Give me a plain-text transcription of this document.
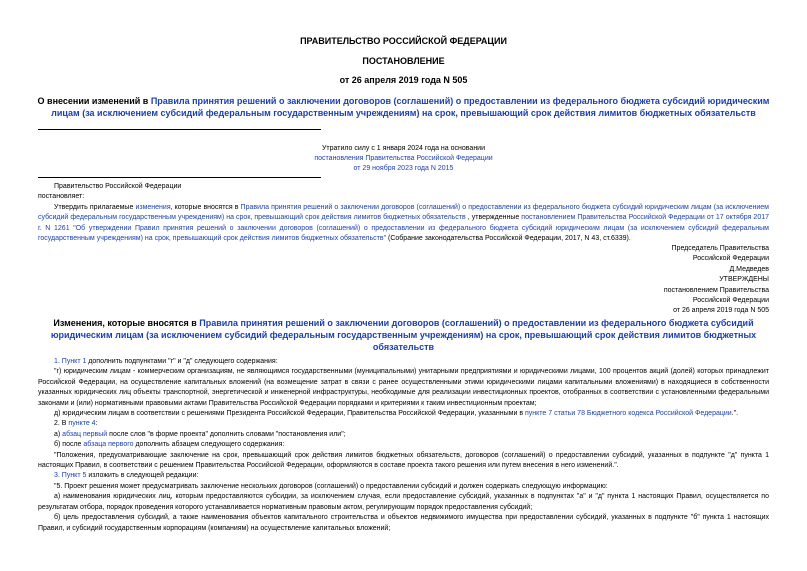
ПРАВИТЕЛЬСТВО РОССИЙСКОЙ ФЕДЕРАЦИИ
ПОСТАНОВЛЕНИЕ
от 26 апреля 2019 года N 505
О внесении изменений в Правила принятия решений о заключении договоров (соглашений) о предоставлении из федерального бюджета субсидий юридическим лицам (за исключением субсидий федеральным государственным учреждениям) на срок, превышающий срок действия лимитов бюджетных обязательств
Утратило силу с 1 января 2024 года на основании
постановления Правительства Российской Федерации
от 29 ноября 2023 года N 2015

Правительство Российской Федерации

постановляет:

Утвердить прилагаемые изменения, которые вносятся в Правила принятия решений о заключении договоров (соглашений) о предоставлении из федерального бюджета субсидий юридическим лицам (за исключением субсидий федеральным государственным учреждениям) на срок, превышающий срок действия лимитов бюджетных обязательств , утвержденные постановлением Правительства Российской Федерации от 17 октября 2017 г. N 1261 "Об утверждении Правил принятия решений о заключении договоров (соглашений) о предоставлении из федерального бюджета субсидий юридическим лицам (за исключением субсидий федеральным государственным учреждениям) на срок, превышающий срок действия лимитов бюджетных обязательств" (Собрание законодательства Российской Федерации, 2017, N 43, ст.6339).

Председатель Правительства
Российской Федерации
Д.Медведев
УТВЕРЖДЕНЫ
постановлением Правительства
Российской Федерации
от 26 апреля 2019 года N 505
Изменения, которые вносятся в Правила принятия решений о заключении договоров (соглашений) о предоставлении из федерального бюджета субсидий юридическим лицам (за исключением субсидий федеральным государственным учреждениям) на срок, превышающий срок действия лимитов бюджетных обязательств

1. Пункт 1 дополнить подпунктами "г" и "д" следующего содержания:

"г) юридическим лицам - коммерческим организациям, не являющимся государственными (муниципальными) унитарными предприятиями и юридическими лицами, 100 процентов акций (долей) которых принадлежит Российской Федерации, на осуществление капитальных вложений (на возмещение затрат в связи с ранее осуществленными этими юридическими лицами капитальными вложениями) в находящиеся в собственности указанных юридических лиц объекты транспортной, энергетической и инженерной инфраструктуры, необходимые для реализации инвестиционных проектов, отобранных в соответствии с установленными федеральными законами и (или) нормативными правовыми актами Правительства Российской Федерации порядками и критериями к таким инвестиционным проектам;

д) юридическим лицам в соответствии с решениями Президента Российской Федерации, Правительства Российской Федерации, указанными в пункте 7 статьи 78 Бюджетного кодекса Российской Федерации.".

2. В пункте 4:

а) абзац первый после слов "в форме проекта" дополнить словами "постановления или";

б) после абзаца первого дополнить абзацем следующего содержания:

"Положения, предусматривающие заключение на срок, превышающий срок действия лимитов бюджетных обязательств, договоров (соглашений) о предоставлении субсидий, указанных в подпункте "д" пункта 1 настоящих Правил, в соответствии с решением Правительства Российской Федерации, оформляются в составе проекта такого решения или путем внесения в него изменений.".

3. Пункт 5 изложить в следующей редакции:

"5. Проект решения может предусматривать заключение нескольких договоров (соглашений) о предоставлении субсидий и должен содержать следующую информацию:

а) наименования юридических лиц, которым предоставляются субсидии, за исключением случая, если предоставление субсидий, указанных в подпунктах "а" и "д" пункта 1 настоящих Правил, осуществляется по результатам отбора, порядок проведения которого устанавливается нормативным правовым актом, регулирующим порядок предоставления субсидий;

б) цель предоставления субсидий, а также наименования объектов капитального строительства и объектов недвижимого имущества при предоставлении субсидий, указанных в подпункте "б" пункта 1 настоящих Правил, и субсидий государственным корпорациям (компаниям) на осуществление капитальных вложений;
